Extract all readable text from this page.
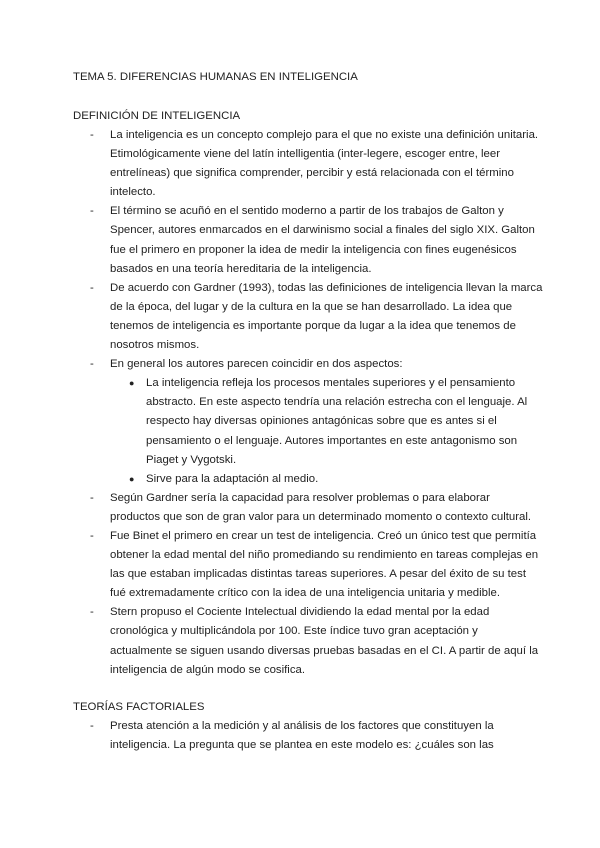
TEMA 5. DIFERENCIAS HUMANAS EN INTELIGENCIA
DEFINICIÓN DE INTELIGENCIA
- La inteligencia es un concepto complejo para el que no existe una definición unitaria. Etimológicamente viene del latín intelligentia (inter-legere, escoger entre, leer entrelíneas) que significa comprender, percibir y está relacionada con el término intelecto.
- El término se acuñó en el sentido moderno a partir de los trabajos de Galton y Spencer, autores enmarcados en el darwinismo social a finales del siglo XIX. Galton fue el primero en proponer la idea de medir la inteligencia con fines eugenésicos basados en una teoría hereditaria de la inteligencia.
- De acuerdo con Gardner (1993), todas las definiciones de inteligencia llevan la marca de la época, del lugar y de la cultura en la que se han desarrollado. La idea que tenemos de inteligencia es importante porque da lugar a la idea que tenemos de nosotros mismos.
- En general los autores parecen coincidir en dos aspectos:
● La inteligencia refleja los procesos mentales superiores y el pensamiento abstracto. En este aspecto tendría una relación estrecha con el lenguaje. Al respecto hay diversas opiniones antagónicas sobre que es antes si el pensamiento o el lenguaje. Autores importantes en este antagonismo son Piaget y Vygotski.
● Sirve para la adaptación al medio.
- Según Gardner sería la capacidad para resolver problemas o para elaborar productos que son de gran valor para un determinado momento o contexto cultural.
- Fue Binet el primero en crear un test de inteligencia. Creó un único test que permitía obtener la edad mental del niño promediando su rendimiento en tareas complejas en las que estaban implicadas distintas tareas superiores. A pesar del éxito de su test fué extremadamente crítico con la idea de una inteligencia unitaria y medible.
- Stern propuso el Cociente Intelectual dividiendo la edad mental por la edad cronológica y multiplicándola por 100. Este índice tuvo gran aceptación y actualmente se siguen usando diversas pruebas basadas en el CI. A partir de aquí la inteligencia de algún modo se cosifica.
TEORÍAS FACTORIALES
- Presta atención a la medición y al análisis de los factores que constituyen la inteligencia. La pregunta que se plantea en este modelo es: ¿cuáles son las
